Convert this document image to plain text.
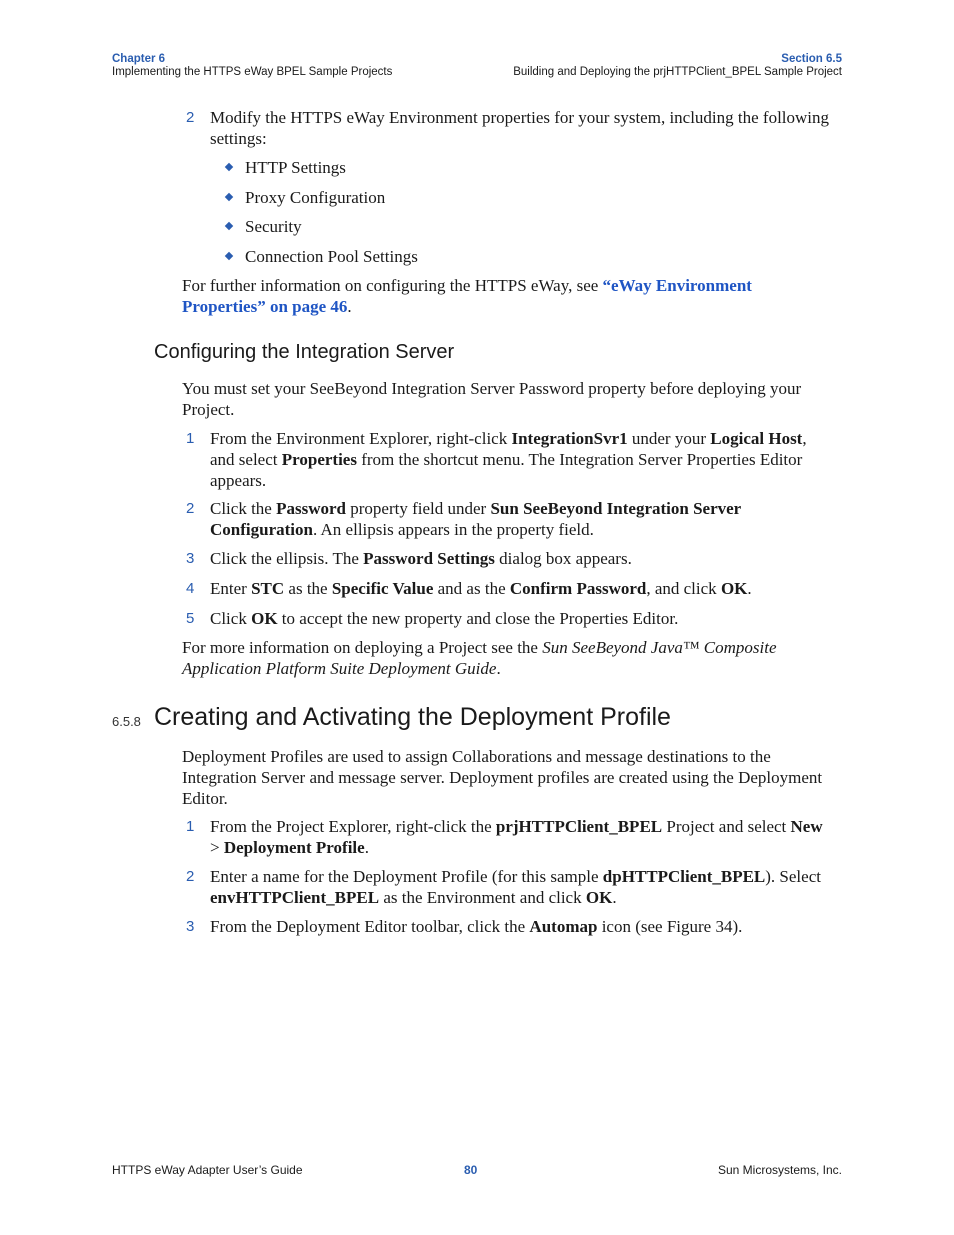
Chapter 6
Implementing the HTTPS eWay BPEL Sample Projects
Section 6.5
Building and Deploying the prjHTTPClient_BPEL Sample Project
2 Modify the HTTPS eWay Environment properties for your system, including the following settings:
HTTP Settings
Proxy Configuration
Security
Connection Pool Settings
For further information on configuring the HTTPS eWay, see “eWay Environment Properties” on page 46.
Configuring the Integration Server
You must set your SeeBeyond Integration Server Password property before deploying your Project.
1 From the Environment Explorer, right-click IntegrationSvr1 under your Logical Host, and select Properties from the shortcut menu. The Integration Server Properties Editor appears.
2 Click the Password property field under Sun SeeBeyond Integration Server Configuration. An ellipsis appears in the property field.
3 Click the ellipsis. The Password Settings dialog box appears.
4 Enter STC as the Specific Value and as the Confirm Password, and click OK.
5 Click OK to accept the new property and close the Properties Editor.
For more information on deploying a Project see the Sun SeeBeyond Java™ Composite Application Platform Suite Deployment Guide.
6.5.8 Creating and Activating the Deployment Profile
Deployment Profiles are used to assign Collaborations and message destinations to the Integration Server and message server. Deployment profiles are created using the Deployment Editor.
1 From the Project Explorer, right-click the prjHTTPClient_BPEL Project and select New > Deployment Profile.
2 Enter a name for the Deployment Profile (for this sample dpHTTPClient_BPEL). Select envHTTPClient_BPEL as the Environment and click OK.
3 From the Deployment Editor toolbar, click the Automap icon (see Figure 34).
HTTPS eWay Adapter User’s Guide	80	Sun Microsystems, Inc.
